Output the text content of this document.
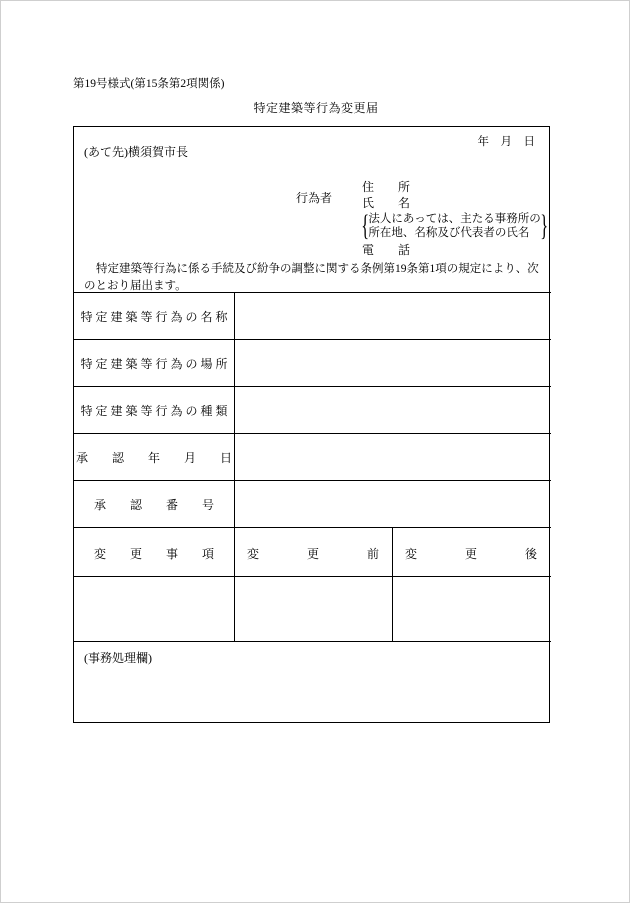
第19号様式(第15条第2項関係)
特定建築等行為変更届
年　月　日
(あて先)横須賀市長
行為者
住　　所
氏　　名
{ 法人にあっては、主たる事務所の
所在地、名称及び代表者の氏名 }
電　　話
特定建築等行為に係る手続及び紛争の調整に関する条例第19条第1項の規定により、次のとおり届出ます。
特 定 建 築 等 行 為 の 名 称
特 定 建 築 等 行 為 の 場 所
特 定 建 築 等 行 為 の 種 類
承　　認　　年　　月　　日
承　　認　　番　　号
変　　更　　事　　項	変　　　　更　　　　前	変　　　　更　　　　後
(事務処理欄)
